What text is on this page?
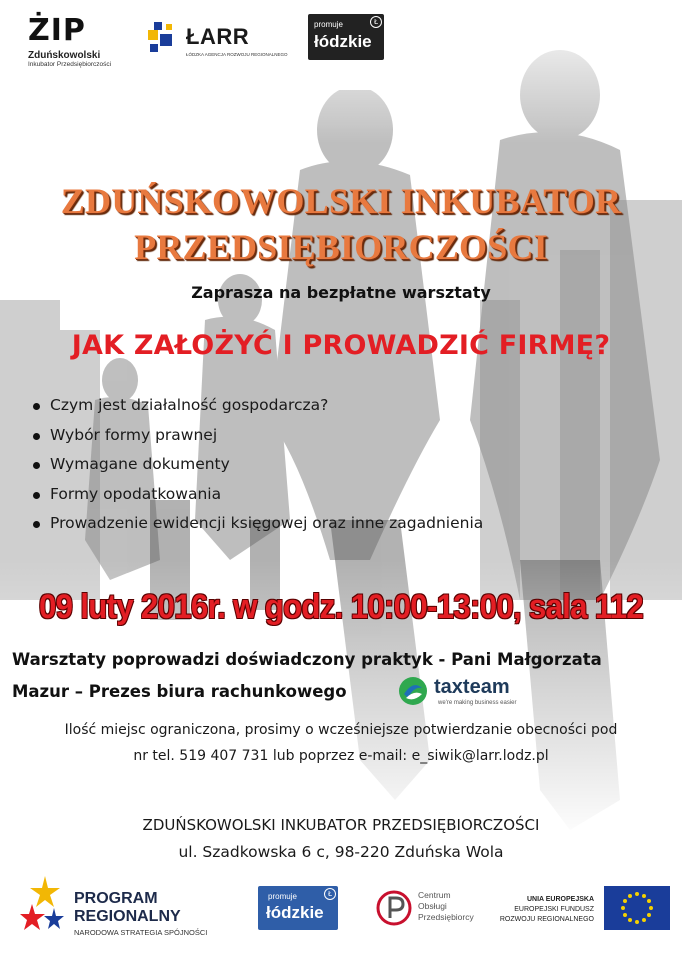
ŻIP
Zduńskowolski
Inkubator Przedsiębiorczości
ŁARR
ŁÓDZKA AGENCJA ROZWOJU REGIONALNEGO
promuje
łódzkie
Ł
ZDUŃSKOWOLSKI INKUBATOR
PRZEDSIĘBIORCZOŚCI
Zaprasza na bezpłatne warsztaty
JAK ZAŁOŻYĆ I PROWADZIĆ FIRMĘ?
Czym jest działalność gospodarcza?
Wybór formy prawnej
Wymagane dokumenty
Formy opodatkowania
Prowadzenie ewidencji księgowej oraz inne zagadnienia
09 luty 2016r. w godz. 10:00-13:00, sala 112
Warsztaty poprowadzi doświadczony praktyk - Pani Małgorzata
Mazur – Prezes biura rachunkowego	taxteam
we're making business easier
Ilość miejsc ograniczona, prosimy o wcześniejsze potwierdzanie obecności pod
nr tel. 519 407 731 lub poprzez e-mail: e_siwik@larr.lodz.pl
ZDUŃSKOWOLSKI INKUBATOR PRZEDSIĘBIORCZOŚCI
ul. Szadkowska 6 c, 98-220 Zduńska Wola
PROGRAM
REGIONALNY
NARODOWA STRATEGIA SPÓJNOŚCI
promuje
łódzkie
Ł	Centrum
Obsługi
Przedsiębiorcy
UNIA EUROPEJSKA
EUROPEJSKI FUNDUSZ
ROZWOJU REGIONALNEGO
